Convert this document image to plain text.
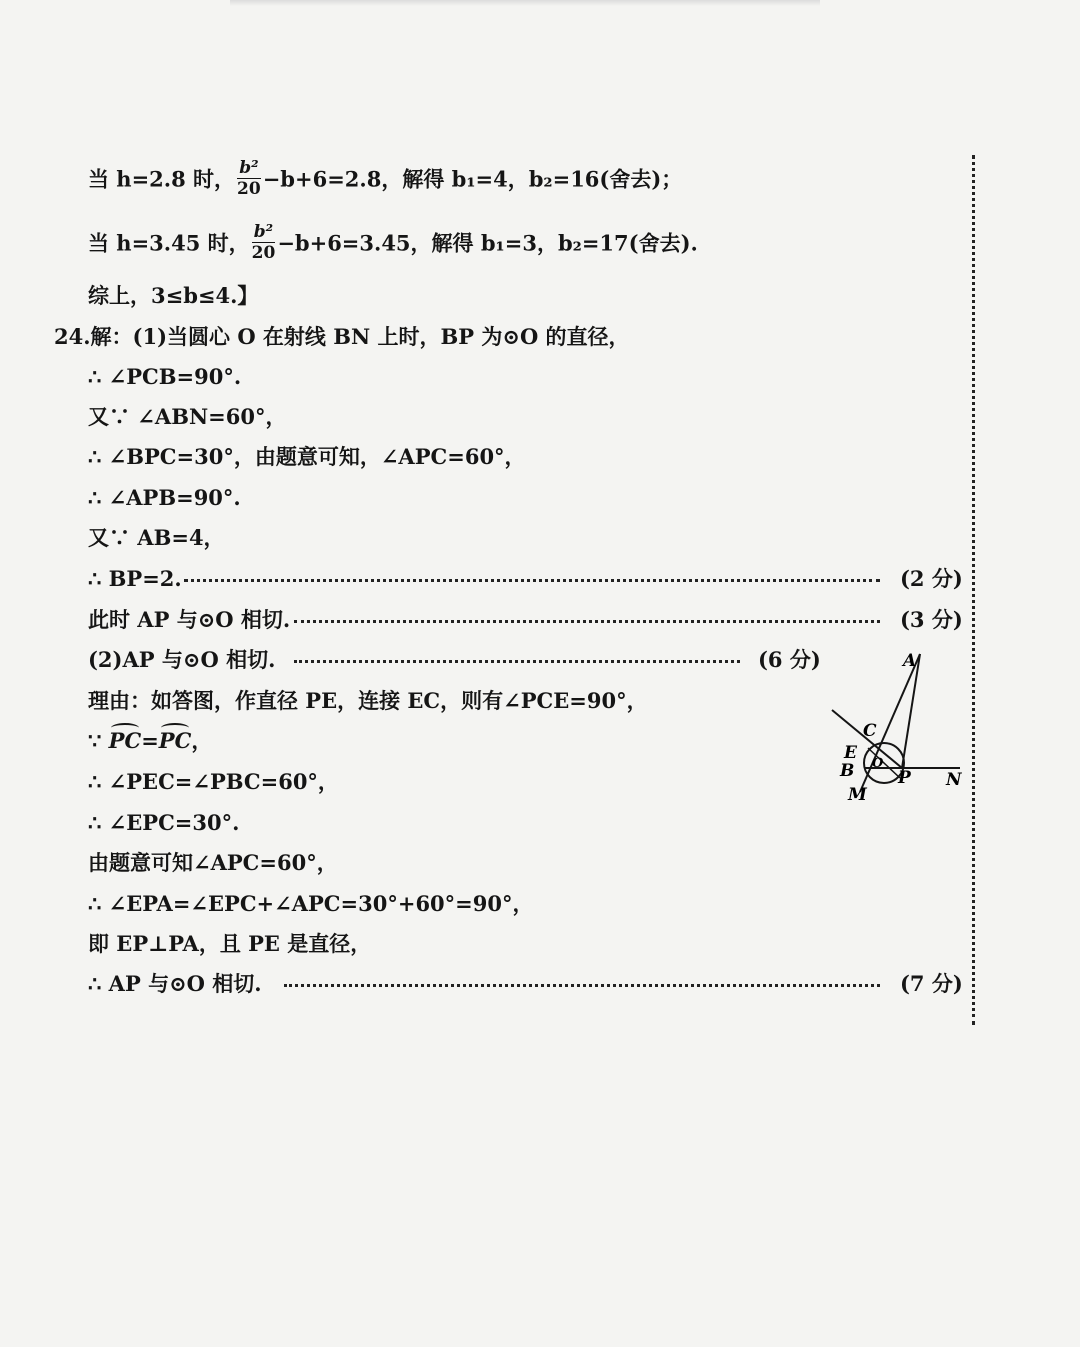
当 h=2.8 时， $\frac{\text{b²}}{20} -b+6=2.8$，解得 b₁=4，b₂=16(舍去)；
当 h=3.45 时， $\frac{\text{b²}}{20} -b+6=3.45$，解得 b₁=3，b₂=17(舍去).
综上，3≤b≤4.】
24.解：(1)当圆心 O 在射线 BN 上时，BP 为⊙O 的直径，
∴ ∠PCB=90°.
又∵ ∠ABN=60°，
∴ ∠BPC=30°，由题意可知，∠APC=60°，
∴ ∠APB=90°.
又∵ AB=4，
∴ BP=2.	(2 分)
此时 AP 与⊙O 相切.	(3 分)
(2)AP 与⊙O 相切.	(6 分)
理由：如答图，作直径 PE，连接 EC，则有∠PCE=90°，
∵ PC=PC，
∴ ∠PEC=∠PBC=60°，
∴ ∠EPC=30°.
由题意可知∠APC=60°，
∴ ∠EPA=∠EPC+∠APC=30°+60°=90°，
即 EP⊥PA，且 PE 是直径，
∴ AP 与⊙O 相切.	(7 分)
A
C
E
O
B	P N
M
